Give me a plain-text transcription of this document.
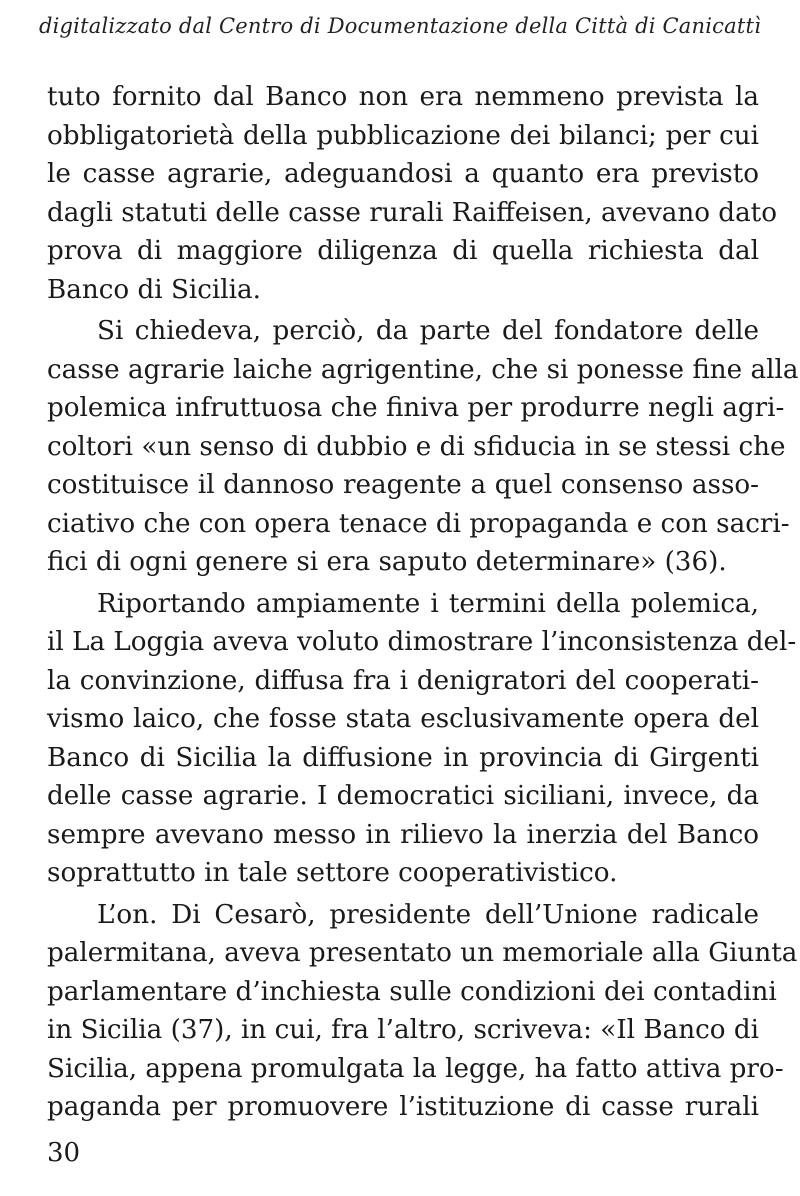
digitalizzato dal Centro di Documentazione della Città di Canicattì

tuto fornito dal Banco non era nemmeno prevista la
obbligatorietà della pubblicazione dei bilanci; per cui
le casse agrarie, adeguandosi a quanto era previsto
dagli statuti delle casse rurali Raiffeisen, avevano dato
prova di maggiore diligenza di quella richiesta dal
Banco di Sicilia.

Si chiedeva, perciò, da parte del fondatore delle
casse agrarie laiche agrigentine, che si ponesse fine alla
polemica infruttuosa che finiva per produrre negli agri-
coltori «un senso di dubbio e di sfiducia in se stessi che
costituisce il dannoso reagente a quel consenso asso-
ciativo che con opera tenace di propaganda e con sacri-
fici di ogni genere si era saputo determinare» (36).

Riportando ampiamente i termini della polemica,
il La Loggia aveva voluto dimostrare l’inconsistenza del-
la convinzione, diffusa fra i denigratori del cooperati-
vismo laico, che fosse stata esclusivamente opera del
Banco di Sicilia la diffusione in provincia di Girgenti
delle casse agrarie. I democratici siciliani, invece, da
sempre avevano messo in rilievo la inerzia del Banco
soprattutto in tale settore cooperativistico.

L’on. Di Cesarò, presidente dell’Unione radicale
palermitana, aveva presentato un memoriale alla Giunta
parlamentare d’inchiesta sulle condizioni dei contadini
in Sicilia (37), in cui, fra l’altro, scriveva: «Il Banco di
Sicilia, appena promulgata la legge, ha fatto attiva pro-
paganda per promuovere l’istituzione di casse rurali

30
